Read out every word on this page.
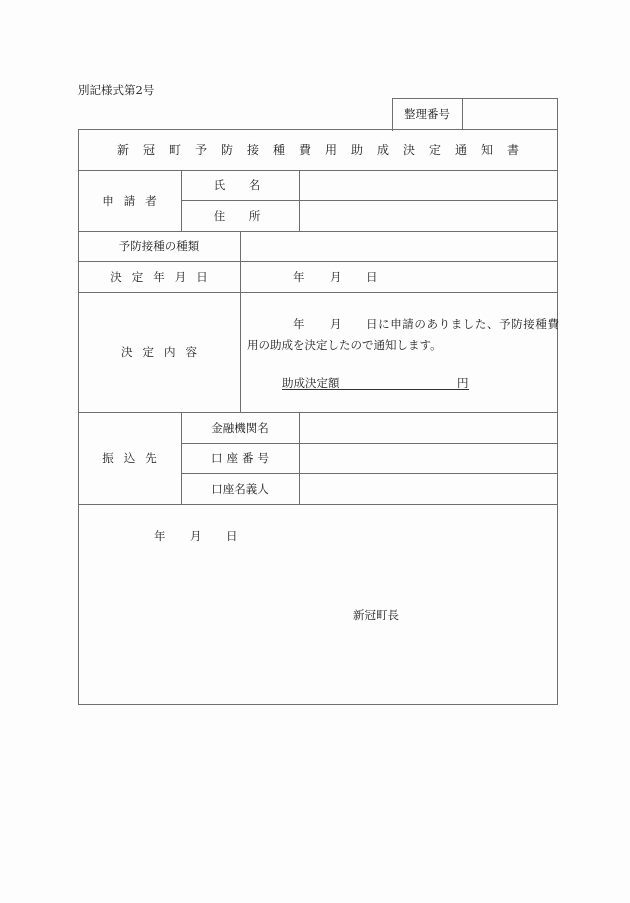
別記様式第2号
整理番号
新冠町予防接種費用助成決定通知書
申請者
氏　名
住　所
予防接種の種類
決定年月日	年 月 日
決定内容
年 月 日に申請のありました、予防接種費
用の助成を決定したので通知します。
助成決定額	円
振込先
金融機関名
口座番号
口座名義人
年 月 日
新冠町長
